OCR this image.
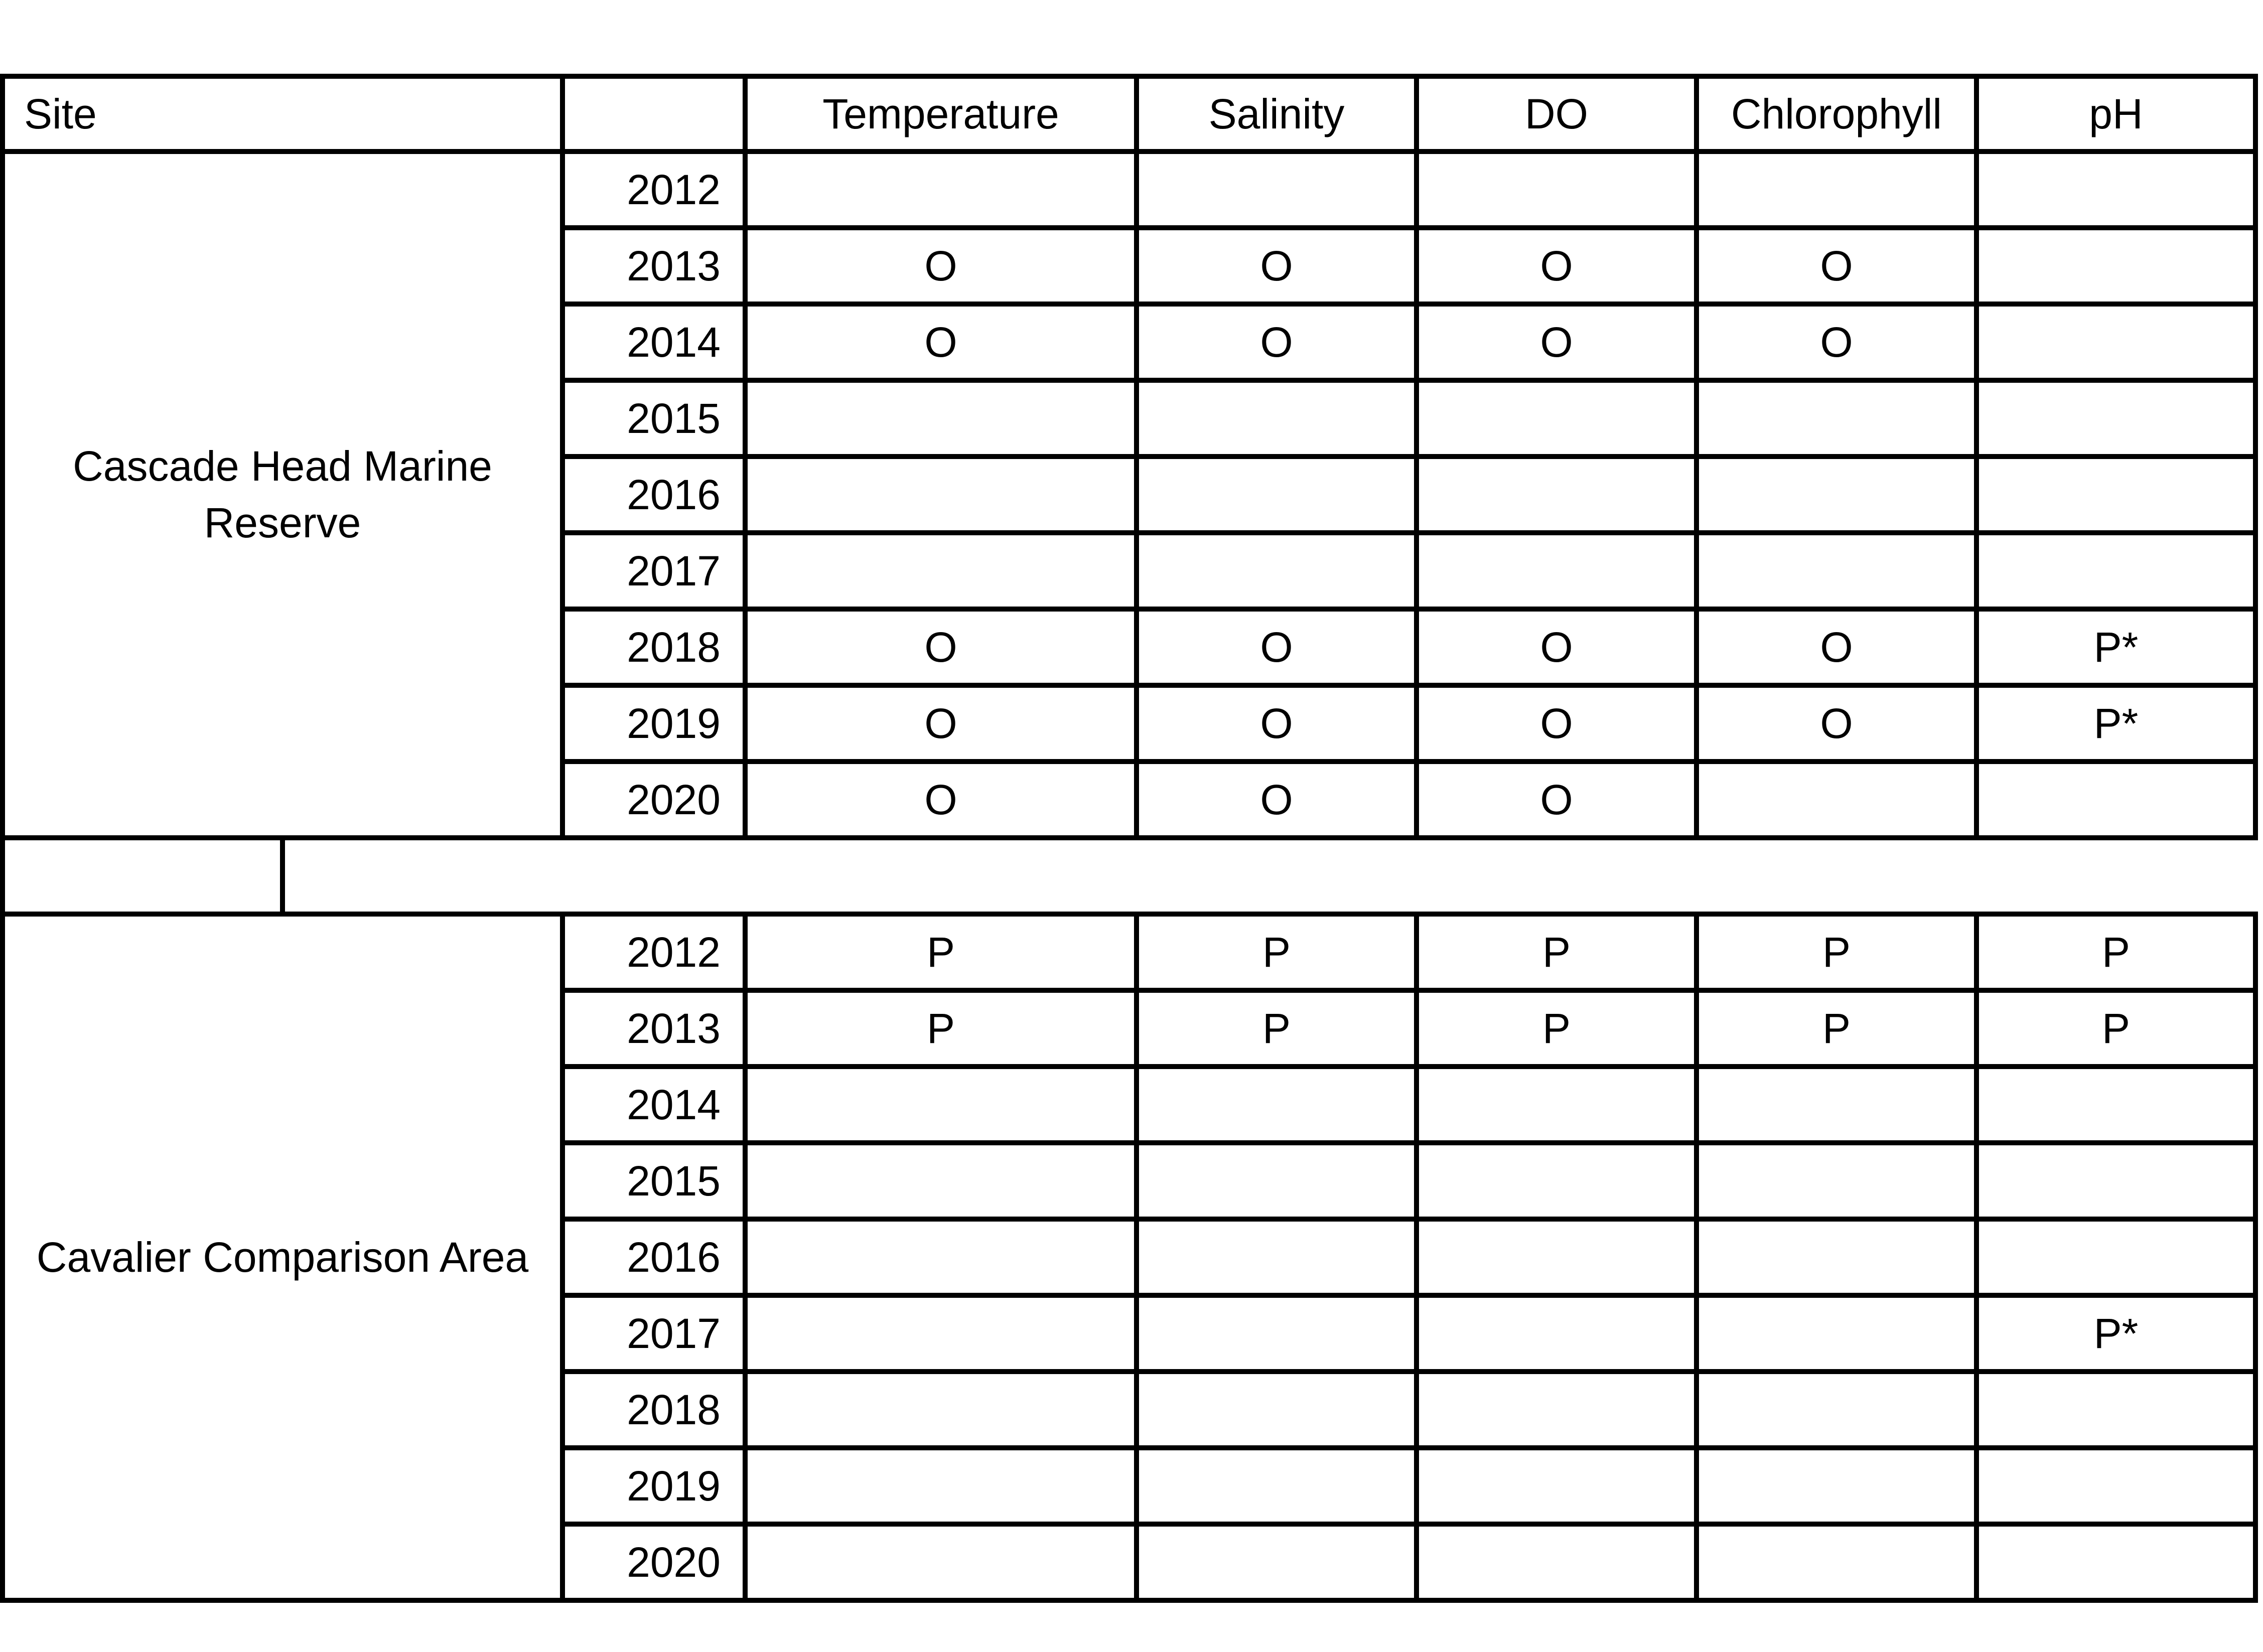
Site			Temperature	Salinity	DO	Chlorophyll	pH
Cascade Head Marine Reserve		2012					
		2013	O	O	O	O	
		2014	O	O	O	O	
		2015					
		2016					
		2017					
		2018	O	O	O	O	P*
		2019	O	O	O	O	P*
		2020	O	O	O		

Cavalier Comparison Area		2012	P	P	P	P	P
		2013	P	P	P	P	P
		2014					
		2015					
		2016					
		2017					P*
		2018					
		2019					
		2020					
